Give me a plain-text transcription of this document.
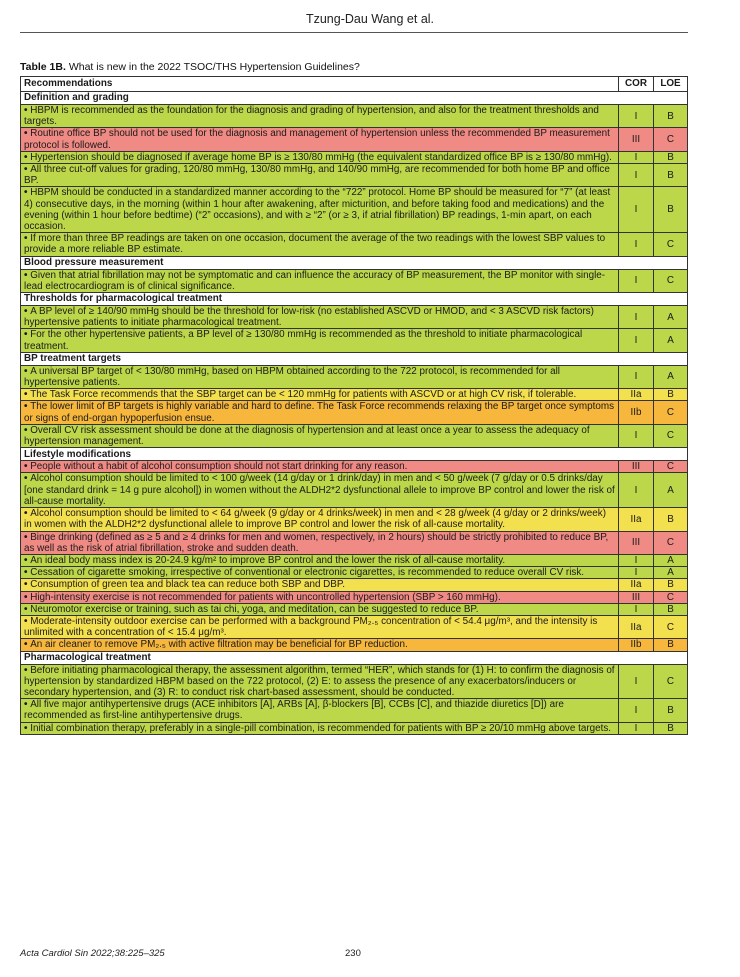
Tzung-Dau Wang et al.
Table 1B. What is new in the 2022 TSOC/THS Hypertension Guidelines?
Recommendations	COR	LOE
Definition and grading		
• HBPM is recommended as the foundation for the diagnosis and grading of hypertension, and also for the treatment thresholds and targets.	I	B
• Routine office BP should not be used for the diagnosis and management of hypertension unless the recommended BP measurement protocol is followed.	III	C
• Hypertension should be diagnosed if average home BP is ≥ 130/80 mmHg (the equivalent standardized office BP is ≥ 130/80 mmHg).	I	B
• All three cut-off values for grading, 120/80 mmHg, 130/80 mmHg, and 140/90 mmHg, are recommended for both home BP and office BP.	I	B
• HBPM should be conducted in a standardized manner according to the “722” protocol. Home BP should be measured for “7” (at least 4) consecutive days, in the morning (within 1 hour after awakening, after micturition, and before taking food and medications) and the evening (within 1 hour before bedtime) (“2” occasions), and with ≥ “2” (or ≥ 3, if atrial fibrillation) BP readings, 1-min apart, on each occasion.	I	B
• If more than three BP readings are taken on one occasion, document the average of the two readings with the lowest SBP values to provide a more reliable BP estimate.	I	C
Blood pressure measurement		
• Given that atrial fibrillation may not be symptomatic and can influence the accuracy of BP measurement, the BP monitor with single-lead electrocardiogram is of clinical significance.	I	C
Thresholds for pharmacological treatment		
• A BP level of ≥ 140/90 mmHg should be the threshold for low-risk (no established ASCVD or HMOD, and < 3 ASCVD risk factors) hypertensive patients to initiate pharmacological treatment.	I	A
• For the other hypertensive patients, a BP level of ≥ 130/80 mmHg is recommended as the threshold to initiate pharmacological treatment.	I	A
BP treatment targets		
• A universal BP target of < 130/80 mmHg, based on HBPM obtained according to the 722 protocol, is recommended for all hypertensive patients.	I	A
• The Task Force recommends that the SBP target can be < 120 mmHg for patients with ASCVD or at high CV risk, if tolerable.	IIa	B
• The lower limit of BP targets is highly variable and hard to define. The Task Force recommends relaxing the BP target once symptoms or signs of end-organ hypoperfusion ensue.	IIb	C
• Overall CV risk assessment should be done at the diagnosis of hypertension and at least once a year to assess the adequacy of hypertension management.	I	C
Lifestyle modifications		
• People without a habit of alcohol consumption should not start drinking for any reason.	III	C
• Alcohol consumption should be limited to < 100 g/week (14 g/day or 1 drink/day) in men and < 50 g/week (7 g/day or 0.5 drinks/day [one standard drink = 14 g pure alcohol]) in women without the ALDH2*2 dysfunctional allele to improve BP control and lower the risk of all-cause mortality.	I	A
• Alcohol consumption should be limited to < 64 g/week (9 g/day or 4 drinks/week) in men and < 28 g/week (4 g/day or 2 drinks/week) in women with the ALDH2*2 dysfunctional allele to improve BP control and lower the risk of all-cause mortality.	IIa	B
• Binge drinking (defined as ≥ 5 and ≥ 4 drinks for men and women, respectively, in 2 hours) should be strictly prohibited to reduce BP, as well as the risk of atrial fibrillation, stroke and sudden death.	III	C
• An ideal body mass index is 20-24.9 kg/m² to improve BP control and the lower the risk of all-cause mortality.	I	A
• Cessation of cigarette smoking, irrespective of conventional or electronic cigarettes, is recommended to reduce overall CV risk.	I	A
• Consumption of green tea and black tea can reduce both SBP and DBP.	IIa	B
• High-intensity exercise is not recommended for patients with uncontrolled hypertension (SBP > 160 mmHg).	III	C
• Neuromotor exercise or training, such as tai chi, yoga, and meditation, can be suggested to reduce BP.	I	B
• Moderate-intensity outdoor exercise can be performed with a background PM₂.₅ concentration of < 54.4 μg/m³, and the intensity is unlimited with a concentration of < 15.4 μg/m³.	IIa	C
• An air cleaner to remove PM₂.₅ with active filtration may be beneficial for BP reduction.	IIb	B
Pharmacological treatment		
• Before initiating pharmacological therapy, the assessment algorithm, termed “HER”, which stands for (1) H: to confirm the diagnosis of hypertension by standardized HBPM based on the 722 protocol, (2) E: to assess the presence of any exacerbators/inducers or secondary hypertension, and (3) R: to conduct risk chart-based assessment, should be conducted.	I	C
• All five major antihypertensive drugs (ACE inhibitors [A], ARBs [A], β-blockers [B], CCBs [C], and thiazide diuretics [D]) are recommended as first-line antihypertensive drugs.	I	B
• Initial combination therapy, preferably in a single-pill combination, is recommended for patients with BP ≥ 20/10 mmHg above targets.	I	B
Acta Cardiol Sin 2022;38:225–325	230
